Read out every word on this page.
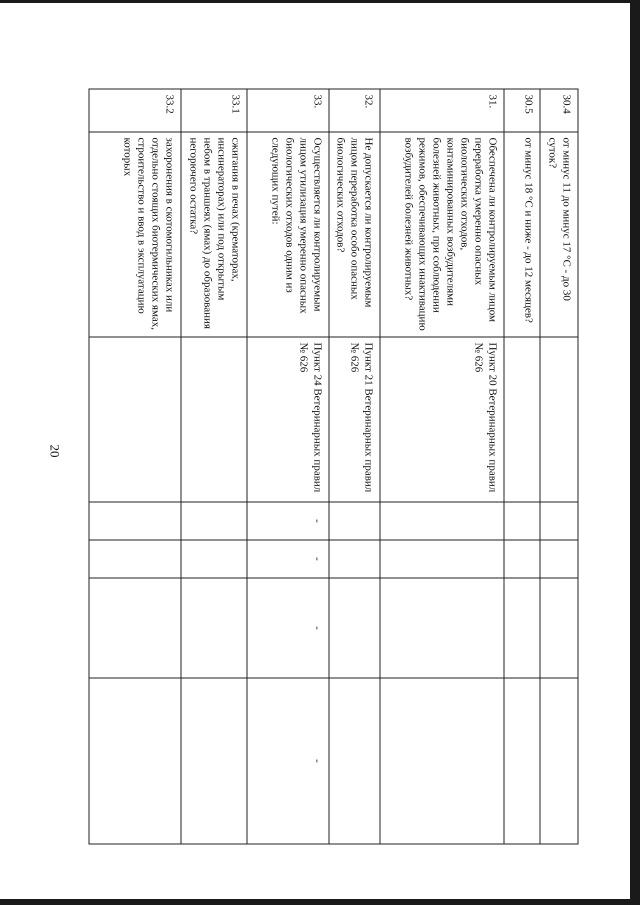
20
30.4	от минус 11 до минус 17 °С - до 30 суток?					
30.5	от минус 18 °С и ниже - до 12 месяцев?					
31.	Обеспечена ли контролируемым лицом переработка умеренно опасных биологических отходов, контаминированных возбудителями болезней животных, при соблюдении режимов, обеспечивающих инактивацию возбудителей болезней животных?	Пункт 20 Ветеринарных правил № 626				
32.	Не допускается ли контролируемым лицом переработка особо опасных биологических отходов?	Пункт 21 Ветеринарных правил № 626				
33.	Осуществляется ли контролируемым лицом утилизация умеренно опасных биологических отходов одним из следующих путей:	Пункт 24 Ветеринарных правил № 626	-	-	-	-
33.1	сжигания в печах (крематорах, инсинераторах) или под открытым небом в траншеях (ямах) до образования негорючего остатка?					
33.2	захоронения в скотомогильниках или отдельно стоящих биотермических ямах, строительство и ввод в эксплуатацию которых					
